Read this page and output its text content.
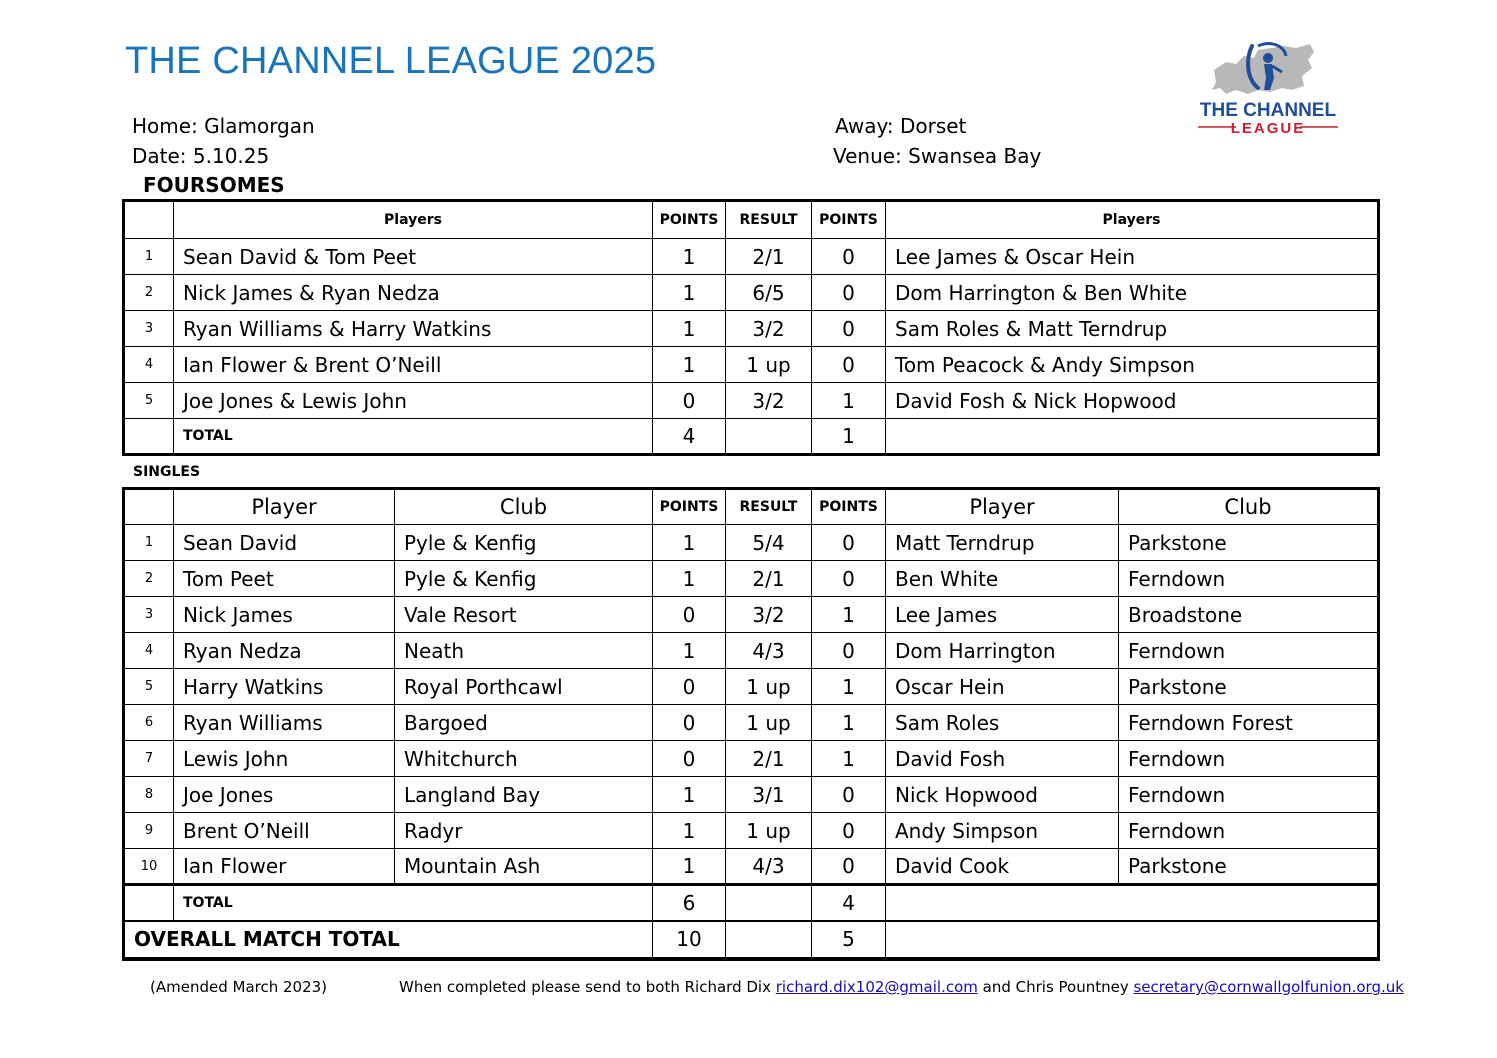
THE CHANNEL LEAGUE 2025
THE CHANNEL
LEAGUE
Home: Glamorgan	Away: Dorset
Date: 5.10.25	Venue: Swansea Bay
FOURSOMES
	Players	POINTS	RESULT	POINTS	Players
1	Sean David & Tom Peet	1	2/1	0	Lee James & Oscar Hein
2	Nick James & Ryan Nedza	1	6/5	0	Dom Harrington & Ben White
3	Ryan Williams & Harry Watkins	1	3/2	0	Sam Roles & Matt Terndrup
4	Ian Flower & Brent O’Neill	1	1 up	0	Tom Peacock & Andy Simpson
5	Joe Jones & Lewis John	0	3/2	1	David Fosh & Nick Hopwood
	TOTAL	4		1	
SINGLES
	Player	Club	POINTS	RESULT	POINTS	Player	Club
1	Sean David	Pyle & Kenfig	1	5/4	0	Matt Terndrup	Parkstone
2	Tom Peet	Pyle & Kenfig	1	2/1	0	Ben White	Ferndown
3	Nick James	Vale Resort	0	3/2	1	Lee James	Broadstone
4	Ryan Nedza	Neath	1	4/3	0	Dom Harrington	Ferndown
5	Harry Watkins	Royal Porthcawl	0	1 up	1	Oscar Hein	Parkstone
6	Ryan Williams	Bargoed	0	1 up	1	Sam Roles	Ferndown Forest
7	Lewis John	Whitchurch	0	2/1	1	David Fosh	Ferndown
8	Joe Jones	Langland Bay	1	3/1	0	Nick Hopwood	Ferndown
9	Brent O’Neill	Radyr	1	1 up	0	Andy Simpson	Ferndown
10	Ian Flower	Mountain Ash	1	4/3	0	David Cook	Parkstone
	TOTAL		6		4		
OVERALL MATCH TOTAL			10		5		
(Amended March 2023)	When completed please send to both Richard Dix richard.dix102@gmail.com and Chris Pountney secretary@cornwallgolfunion.org.uk
